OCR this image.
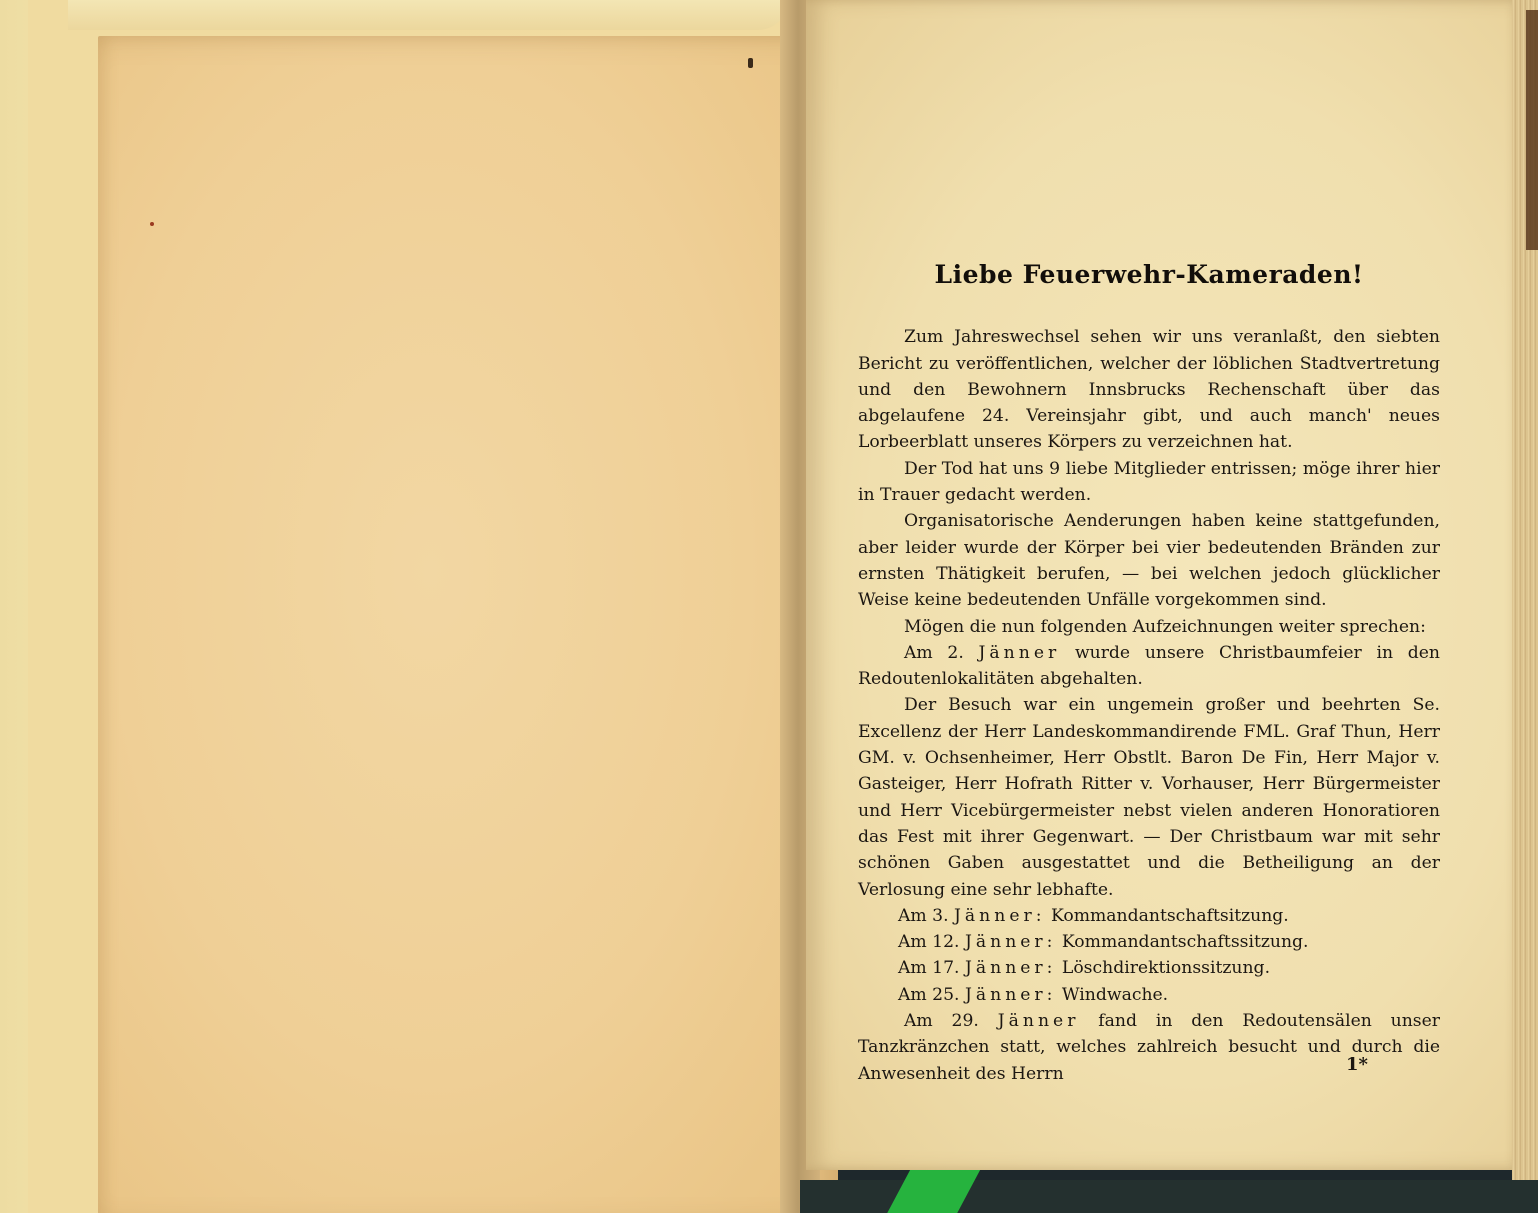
Liebe Feuerwehr-Kameraden!

Zum Jahreswechsel sehen wir uns veranlaßt, den siebten Bericht zu veröffentlichen, welcher der löblichen Stadtvertretung und den Bewohnern Innsbrucks Rechenschaft über das abgelaufene 24. Vereinsjahr gibt, und auch manch' neues Lorbeerblatt unseres Körpers zu verzeichnen hat.

Der Tod hat uns 9 liebe Mitglieder entrissen; möge ihrer hier in Trauer gedacht werden.

Organisatorische Aenderungen haben keine stattgefunden, aber leider wurde der Körper bei vier bedeutenden Bränden zur ernsten Thätigkeit berufen, — bei welchen jedoch glücklicher Weise keine bedeutenden Unfälle vorgekommen sind.

Mögen die nun folgenden Aufzeichnungen weiter sprechen:

Am 2. Jänner wurde unsere Christbaumfeier in den Redoutenlokalitäten abgehalten.

Der Besuch war ein ungemein großer und beehrten Se. Excellenz der Herr Landeskommandirende FML. Graf Thun, Herr GM. v. Ochsenheimer, Herr Obstlt. Baron De Fin, Herr Major v. Gasteiger, Herr Hofrath Ritter v. Vorhauser, Herr Bürgermeister und Herr Vicebürgermeister nebst vielen anderen Honoratioren das Fest mit ihrer Gegenwart. — Der Christbaum war mit sehr schönen Gaben ausgestattet und die Betheiligung an der Verlosung eine sehr lebhafte.

Am 3. Jänner: Kommandantschaftsitzung.

Am 12. Jänner: Kommandantschaftssitzung.

Am 17. Jänner: Löschdirektionssitzung.

Am 25. Jänner: Windwache.

Am 29. Jänner fand in den Redoutensälen unser Tanzkränzchen statt, welches zahlreich besucht und durch die Anwesenheit des Herrn	1*
